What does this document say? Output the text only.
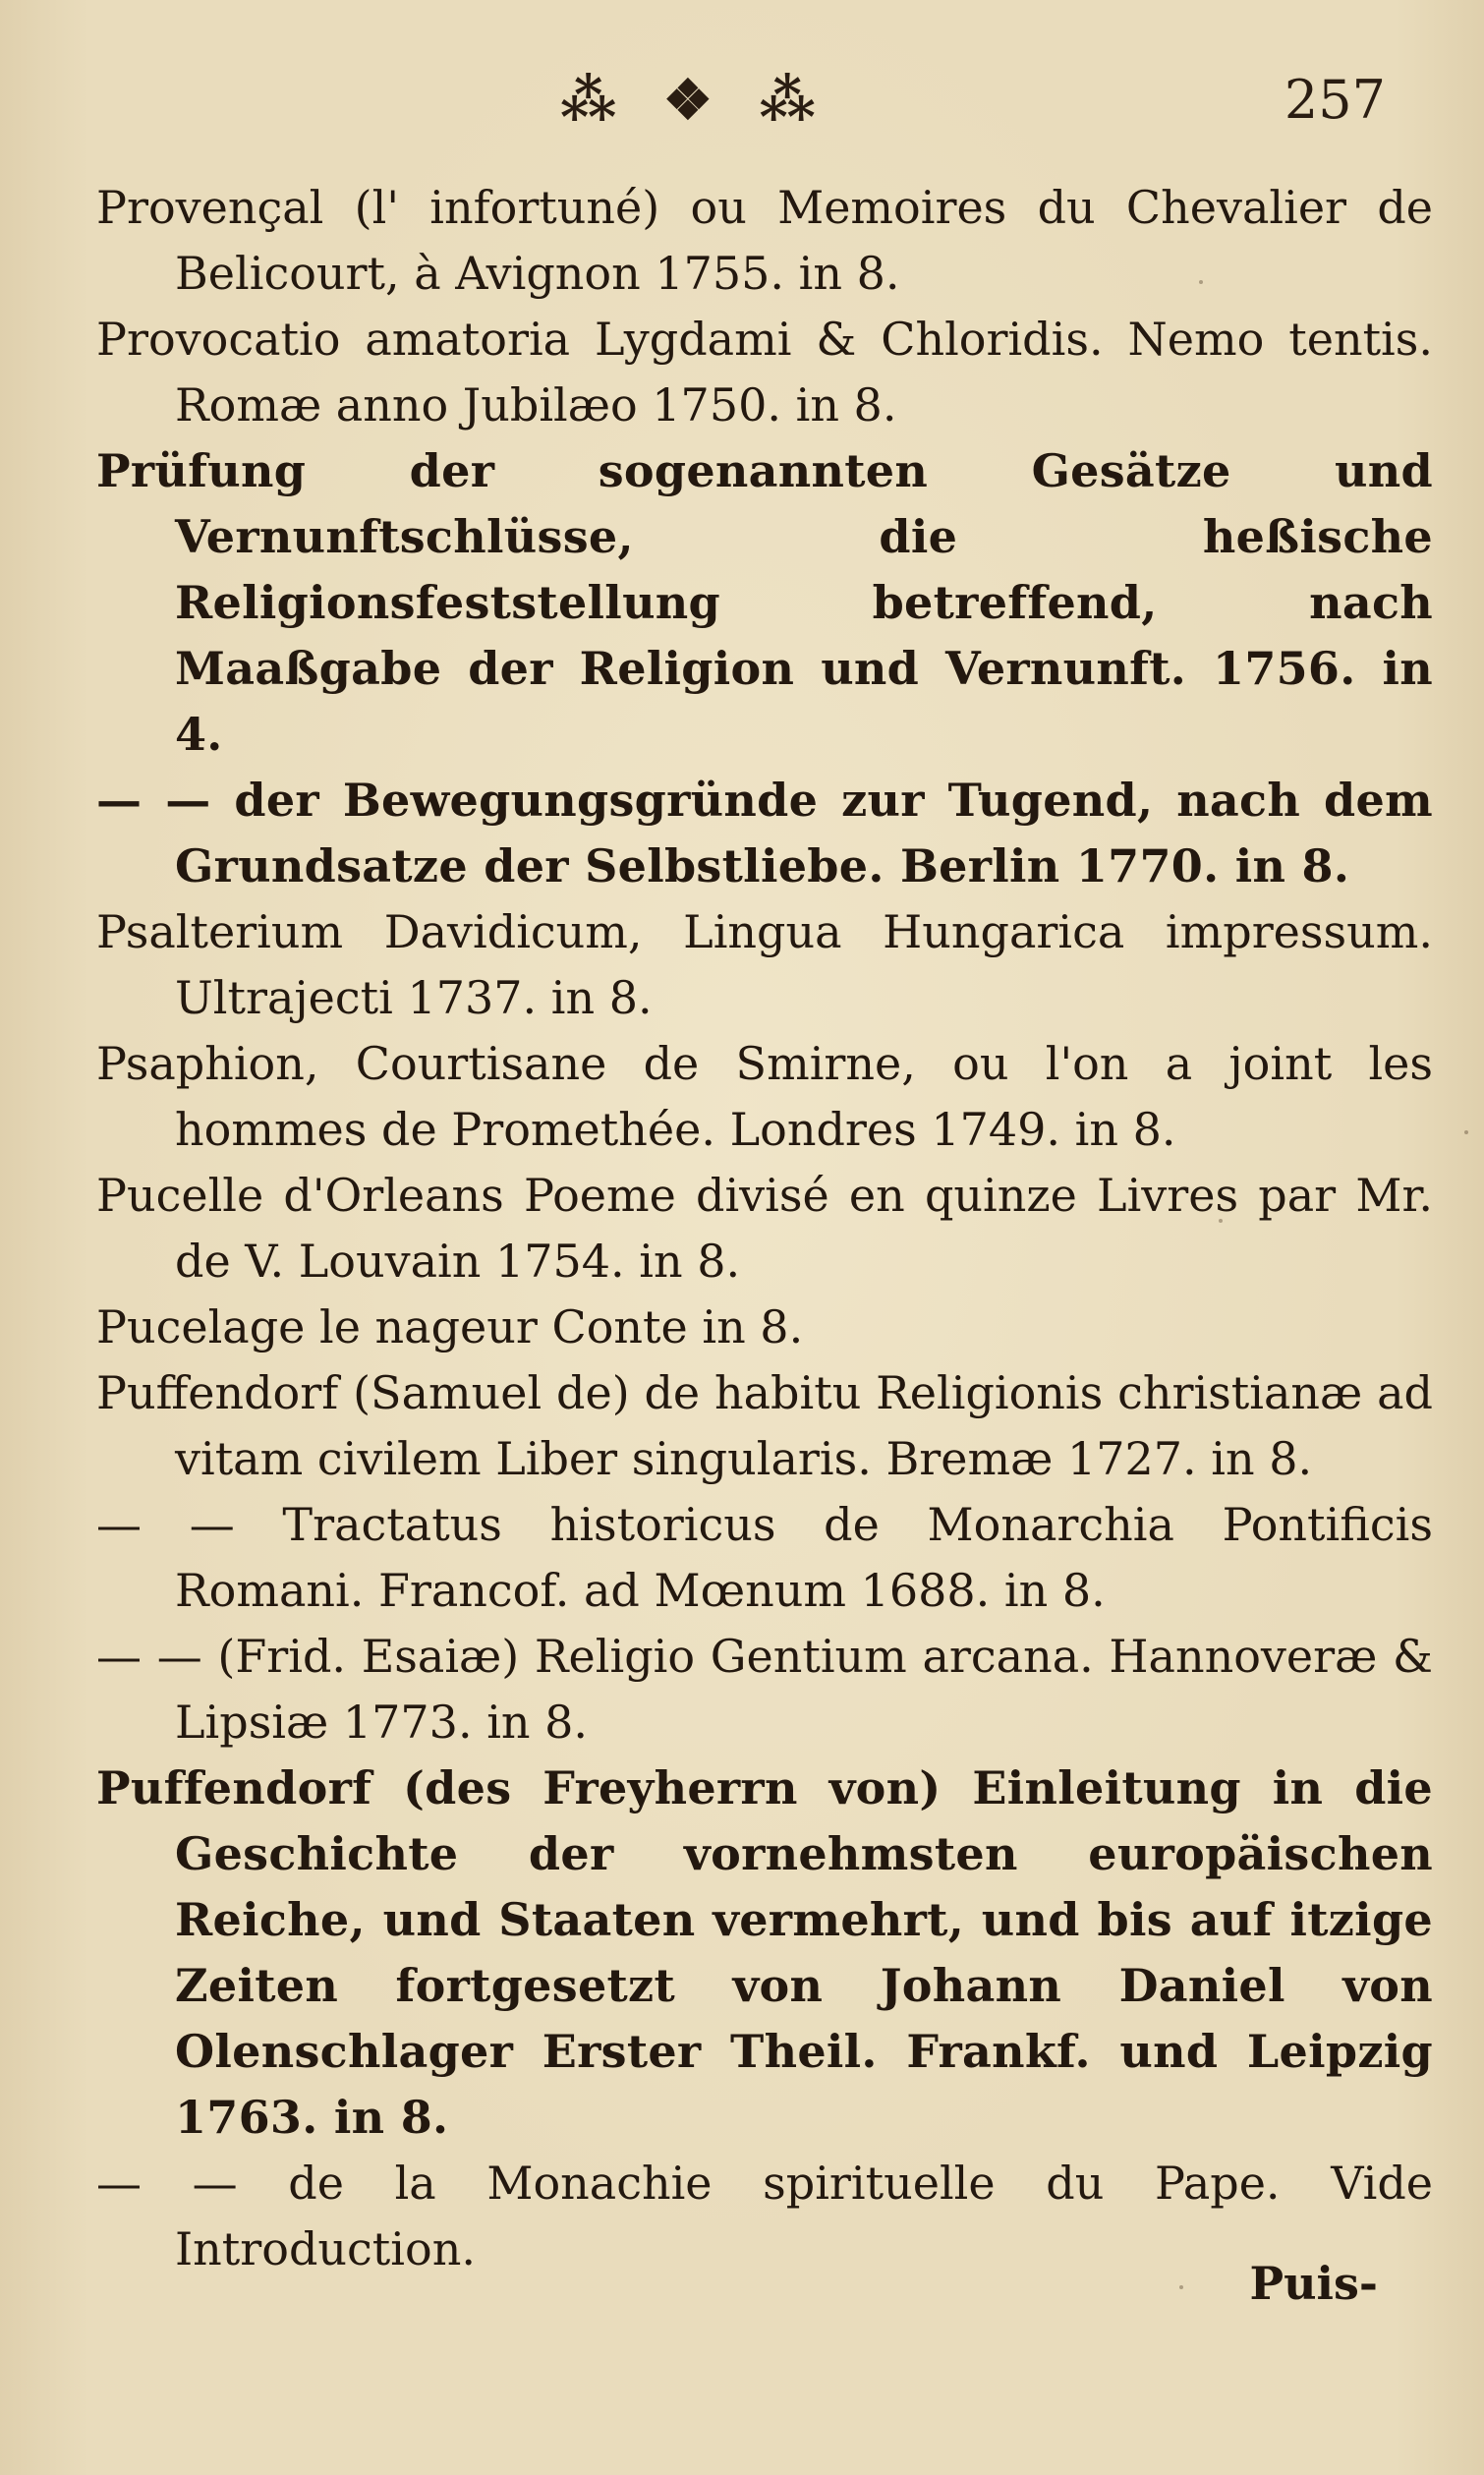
⁂ ❖ ⁂	257
Provençal (l' infortuné) ou Memoires du Chevalier de Belicourt, à Avignon 1755. in 8.
Provocatio amatoria Lygdami & Chloridis. Nemo tentis. Romæ anno Jubilæo 1750. in 8.
Prüfung der sogenannten Gesätze und Vernunftschlüsse, die heßische Religionsfeststellung betreffend, nach Maaßgabe der Religion und Vernunft. 1756. in 4.
— — der Bewegungsgründe zur Tugend, nach dem Grundsatze der Selbstliebe. Berlin 1770. in 8.
Psalterium Davidicum, Lingua Hungarica impressum. Ultrajecti 1737. in 8.
Psaphion, Courtisane de Smirne, ou l'on a joint les hommes de Promethée. Londres 1749. in 8.
Pucelle d'Orleans Poeme divisé en quinze Livres par Mr. de V. Louvain 1754. in 8.
Pucelage le nageur Conte in 8.
Puffendorf (Samuel de) de habitu Religionis christianæ ad vitam civilem Liber singularis. Bremæ 1727. in 8.
— — Tractatus historicus de Monarchia Pontificis Romani. Francof. ad Mœnum 1688. in 8.
— — (Frid. Esaiæ) Religio Gentium arcana. Hannoveræ & Lipsiæ 1773. in 8.
Puffendorf (des Freyherrn von) Einleitung in die Geschichte der vornehmsten europäischen Reiche, und Staaten vermehrt, und bis auf itzige Zeiten fortgesetzt von Johann Daniel von Olenschlager Erster Theil. Frankf. und Leipzig 1763. in 8.
— — de la Monachie spirituelle du Pape. Vide Introduction.
Puis-
